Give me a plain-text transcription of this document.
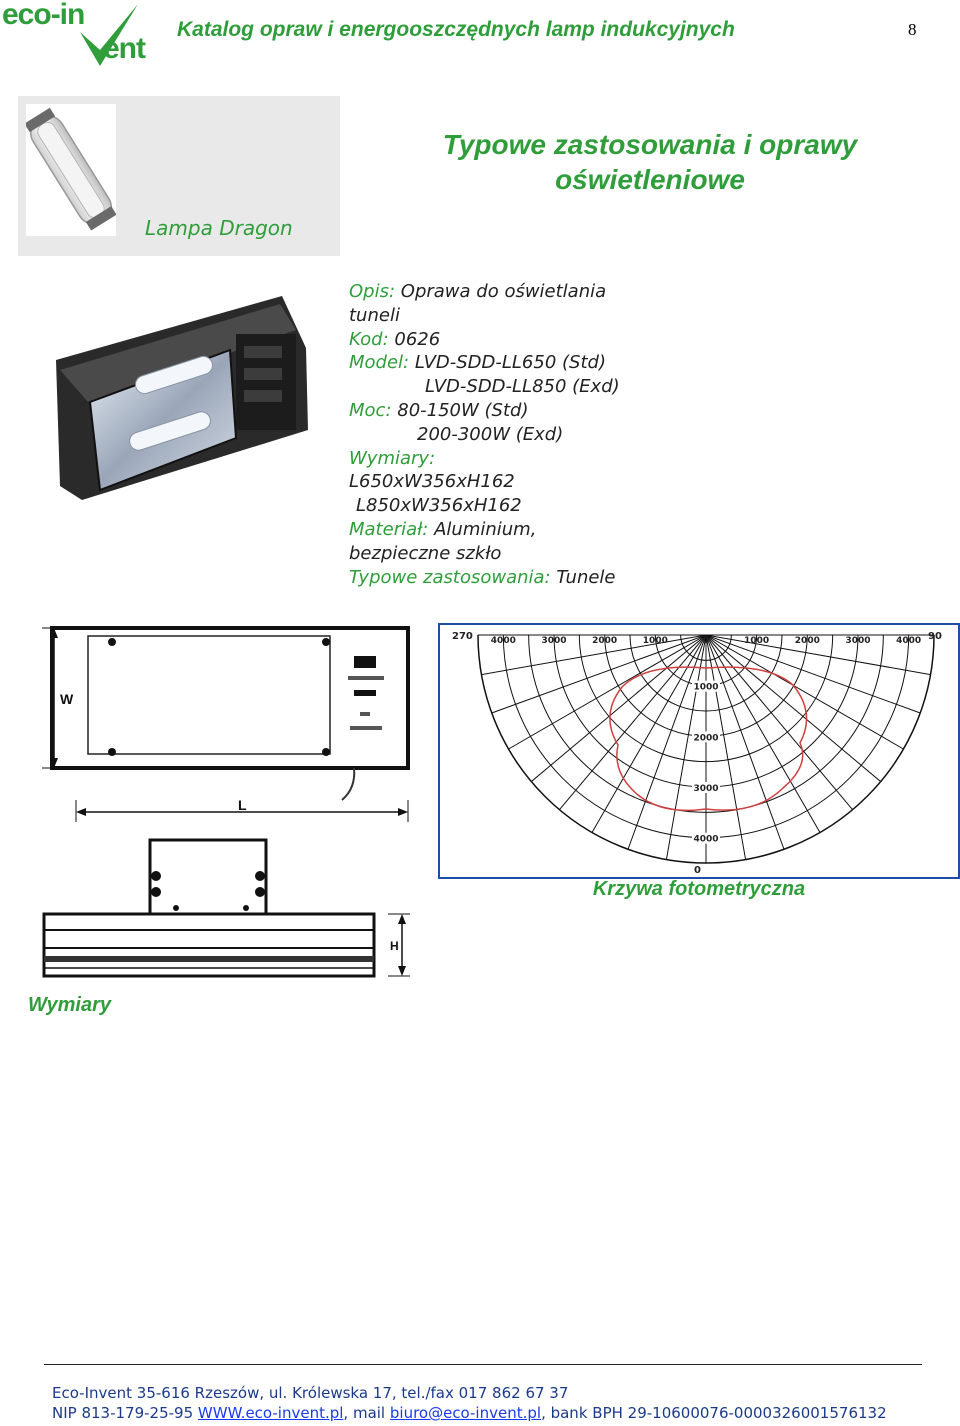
eco-in
ent
Katalog opraw i energooszczędnych lamp indukcyjnych	8
Lampa Dragon
Typowe zastosowania i oprawy
oświetleniowe
Opis: Oprawa do oświetlania
tuneli
Kod: 0626
Model: LVD-SDD-LL650 (Std)
LVD-SDD-LL850 (Exd)
Moc: 80-150W (Std)
200-300W (Exd)
Wymiary:
L650xW356xH162
L850xW356xH162
Materiał: Aluminium,
bezpieczne szkło
Typowe zastosowania: Tunele
W
L
H
Wymiary
4000	3000	2000	1000	0	1000	2000	3000	4000
1000
2000
3000
4000
270	90
0
Krzywa fotometryczna
Eco-Invent 35-616 Rzeszów, ul. Królewska 17, tel./fax 017 862 67 37
NIP 813-179-25-95 WWW.eco-invent.pl, mail biuro@eco-invent.pl, bank BPH 29-10600076-0000326001576132
